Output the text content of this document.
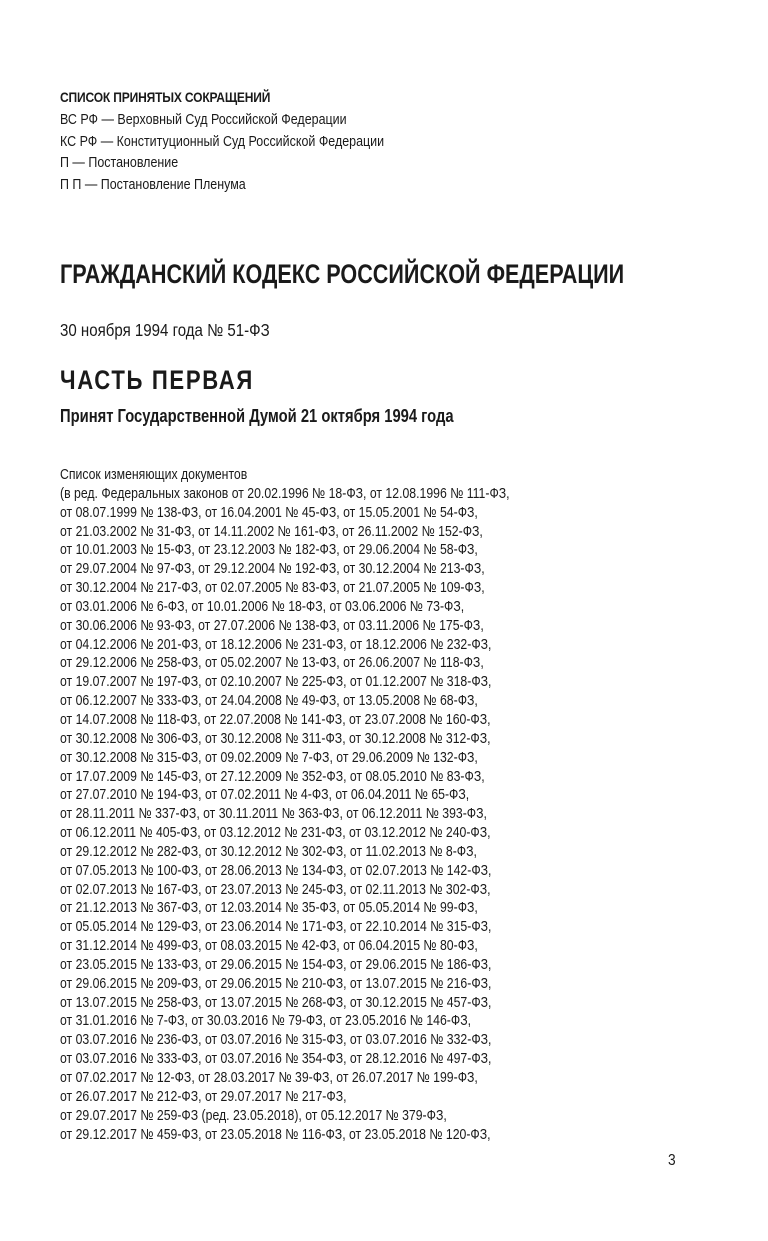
СПИСОК ПРИНЯТЫХ СОКРАЩЕНИЙ
ВС РФ — Верховный Суд Российской Федерации
КС РФ — Конституционный Суд Российской Федерации
П — Постановление
П П — Постановление Пленума
ГРАЖДАНСКИЙ КОДЕКС РОССИЙСКОЙ ФЕДЕРАЦИИ
30 ноября 1994 года № 51-ФЗ
ЧАСТЬ ПЕРВАЯ
Принят Государственной Думой 21 октября 1994 года
Список изменяющих документов
(в ред. Федеральных законов от 20.02.1996 № 18-ФЗ, от 12.08.1996 № 111-ФЗ,
от 08.07.1999 № 138-ФЗ, от 16.04.2001 № 45-ФЗ, от 15.05.2001 № 54-ФЗ,
от 21.03.2002 № 31-ФЗ, от 14.11.2002 № 161-ФЗ, от 26.11.2002 № 152-ФЗ,
от 10.01.2003 № 15-ФЗ, от 23.12.2003 № 182-ФЗ, от 29.06.2004 № 58-ФЗ,
от 29.07.2004 № 97-ФЗ, от 29.12.2004 № 192-ФЗ, от 30.12.2004 № 213-ФЗ,
от 30.12.2004 № 217-ФЗ, от 02.07.2005 № 83-ФЗ, от 21.07.2005 № 109-ФЗ,
от 03.01.2006 № 6-ФЗ, от 10.01.2006 № 18-ФЗ, от 03.06.2006 № 73-ФЗ,
от 30.06.2006 № 93-ФЗ, от 27.07.2006 № 138-ФЗ, от 03.11.2006 № 175-ФЗ,
от 04.12.2006 № 201-ФЗ, от 18.12.2006 № 231-ФЗ, от 18.12.2006 № 232-ФЗ,
от 29.12.2006 № 258-ФЗ, от 05.02.2007 № 13-ФЗ, от 26.06.2007 № 118-ФЗ,
от 19.07.2007 № 197-ФЗ, от 02.10.2007 № 225-ФЗ, от 01.12.2007 № 318-ФЗ,
от 06.12.2007 № 333-ФЗ, от 24.04.2008 № 49-ФЗ, от 13.05.2008 № 68-ФЗ,
от 14.07.2008 № 118-ФЗ, от 22.07.2008 № 141-ФЗ, от 23.07.2008 № 160-ФЗ,
от 30.12.2008 № 306-ФЗ, от 30.12.2008 № 311-ФЗ, от 30.12.2008 № 312-ФЗ,
от 30.12.2008 № 315-ФЗ, от 09.02.2009 № 7-ФЗ, от 29.06.2009 № 132-ФЗ,
от 17.07.2009 № 145-ФЗ, от 27.12.2009 № 352-ФЗ, от 08.05.2010 № 83-ФЗ,
от 27.07.2010 № 194-ФЗ, от 07.02.2011 № 4-ФЗ, от 06.04.2011 № 65-ФЗ,
от 28.11.2011 № 337-ФЗ, от 30.11.2011 № 363-ФЗ, от 06.12.2011 № 393-ФЗ,
от 06.12.2011 № 405-ФЗ, от 03.12.2012 № 231-ФЗ, от 03.12.2012 № 240-ФЗ,
от 29.12.2012 № 282-ФЗ, от 30.12.2012 № 302-ФЗ, от 11.02.2013 № 8-ФЗ,
от 07.05.2013 № 100-ФЗ, от 28.06.2013 № 134-ФЗ, от 02.07.2013 № 142-ФЗ,
от 02.07.2013 № 167-ФЗ, от 23.07.2013 № 245-ФЗ, от 02.11.2013 № 302-ФЗ,
от 21.12.2013 № 367-ФЗ, от 12.03.2014 № 35-ФЗ, от 05.05.2014 № 99-ФЗ,
от 05.05.2014 № 129-ФЗ, от 23.06.2014 № 171-ФЗ, от 22.10.2014 № 315-ФЗ,
от 31.12.2014 № 499-ФЗ, от 08.03.2015 № 42-ФЗ, от 06.04.2015 № 80-ФЗ,
от 23.05.2015 № 133-ФЗ, от 29.06.2015 № 154-ФЗ, от 29.06.2015 № 186-ФЗ,
от 29.06.2015 № 209-ФЗ, от 29.06.2015 № 210-ФЗ, от 13.07.2015 № 216-ФЗ,
от 13.07.2015 № 258-ФЗ, от 13.07.2015 № 268-ФЗ, от 30.12.2015 № 457-ФЗ,
от 31.01.2016 № 7-ФЗ, от 30.03.2016 № 79-ФЗ, от 23.05.2016 № 146-ФЗ,
от 03.07.2016 № 236-ФЗ, от 03.07.2016 № 315-ФЗ, от 03.07.2016 № 332-ФЗ,
от 03.07.2016 № 333-ФЗ, от 03.07.2016 № 354-ФЗ, от 28.12.2016 № 497-ФЗ,
от 07.02.2017 № 12-ФЗ, от 28.03.2017 № 39-ФЗ, от 26.07.2017 № 199-ФЗ,
от 26.07.2017 № 212-ФЗ, от 29.07.2017 № 217-ФЗ,
от 29.07.2017 № 259-ФЗ (ред. 23.05.2018), от 05.12.2017 № 379-ФЗ,
от 29.12.2017 № 459-ФЗ, от 23.05.2018 № 116-ФЗ, от 23.05.2018 № 120-ФЗ,
3
